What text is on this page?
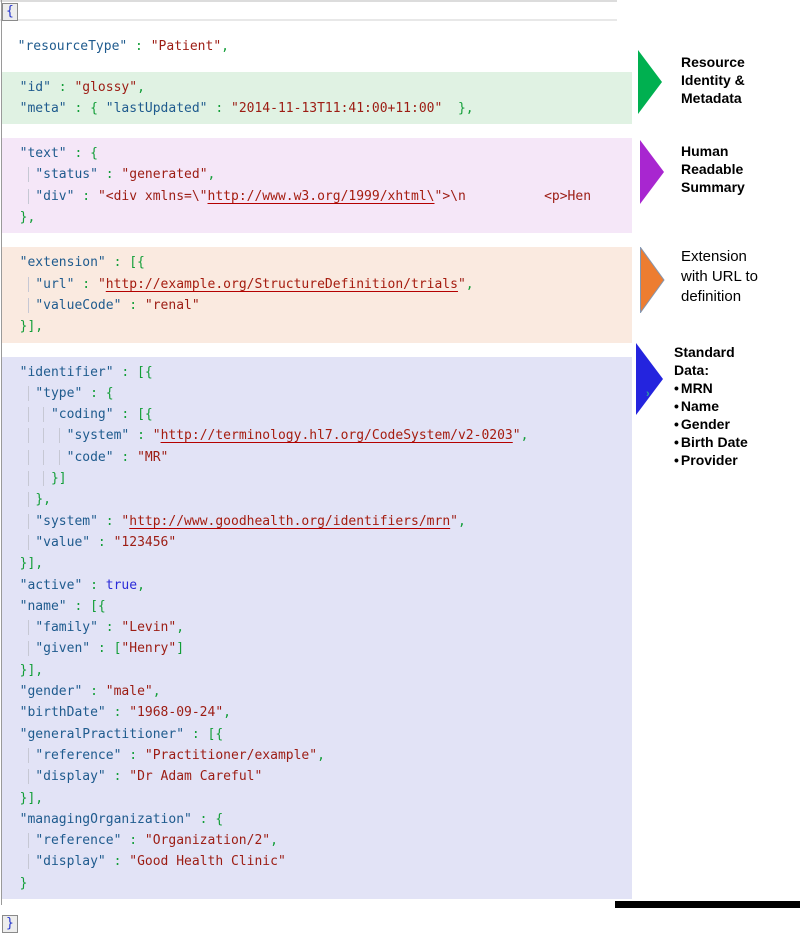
{
"resourceType" : "Patient",
"id" : "glossy",
"meta" : { "lastUpdated" : "2014-11-13T11:41:00+11:00"  },
"text" : {
"status" : "generated",
"div" : "<div xmlns=\"http://www.w3.org/1999/xhtml\">\n          <p>Hen
},
"extension" : [{
"url" : "http://example.org/StructureDefinition/trials",
"valueCode" : "renal"
}],
"identifier" : [{
"type" : {
"coding" : [{
"system" : "http://terminology.hl7.org/CodeSystem/v2-0203",
"code" : "MR"
}]
},
"system" : "http://www.goodhealth.org/identifiers/mrn",
"value" : "123456"
}],
"active" : true,
"name" : [{
"family" : "Levin",
"given" : ["Henry"]
}],
"gender" : "male",
"birthDate" : "1968-09-24",
"generalPractitioner" : [{
"reference" : "Practitioner/example",
"display" : "Dr Adam Careful"
}],
"managingOrganization" : {
"reference" : "Organization/2",
"display" : "Good Health Clinic"
}
}
Resource
Identity &
Metadata
Human
Readable
Summary
Extension
with URL to
definition
›
Standard
Data:
• MRN
• Name
• Gender
• Birth Date
• Provider
